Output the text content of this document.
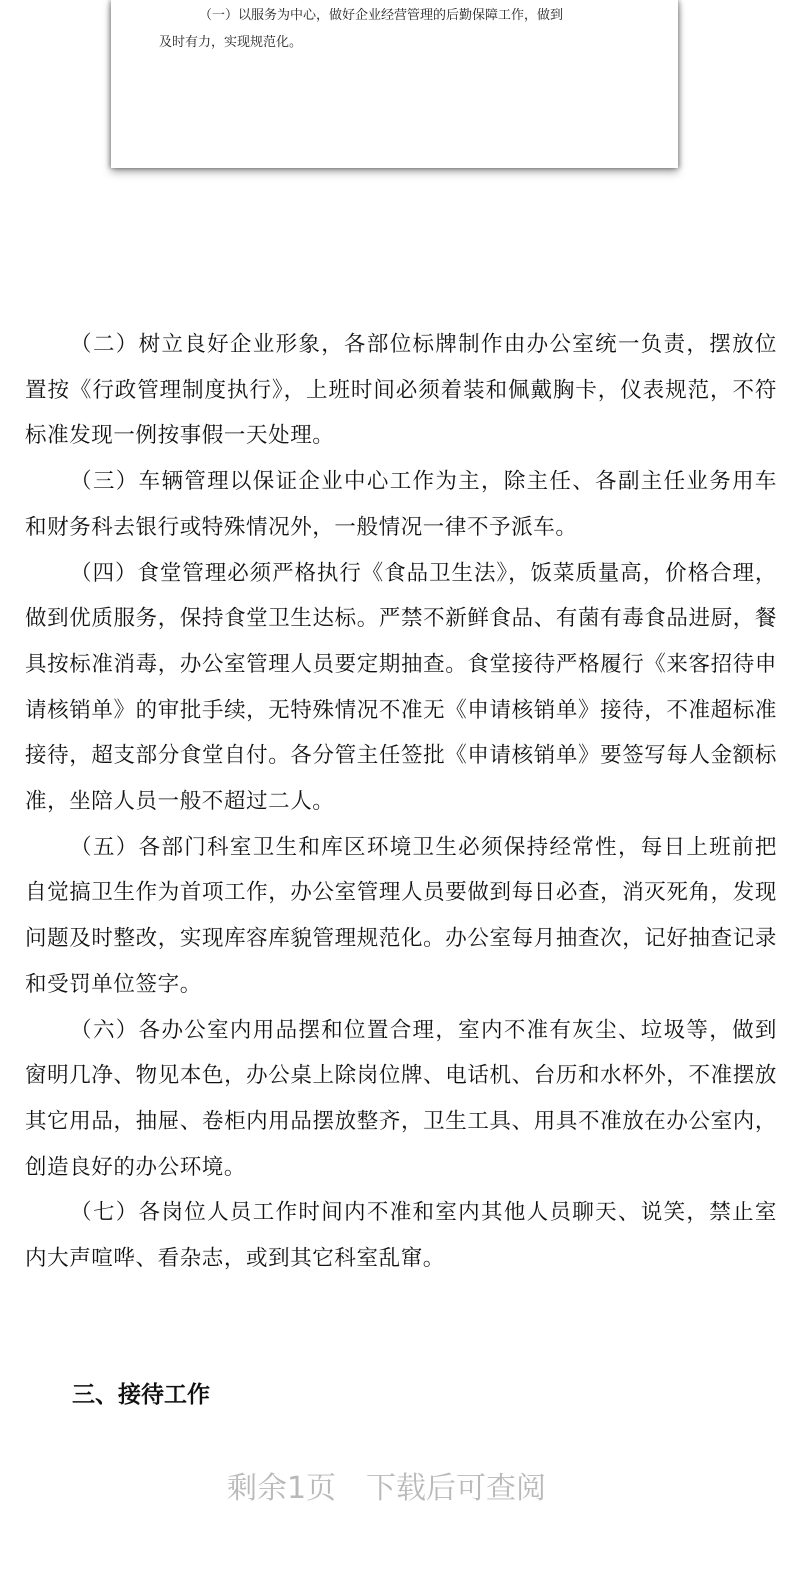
（一）以服务为中心，做好企业经营管理的后勤保障工作，做到

及时有力，实现规范化。

（二）树立良好企业形象，各部位标牌制作由办公室统一负责，摆放位置按《行政管理制度执行》，上班时间必须着装和佩戴胸卡，仪表规范，不符标准发现一例按事假一天处理。

（三）车辆管理以保证企业中心工作为主，除主任、各副主任业务用车和财务科去银行或特殊情况外，一般情况一律不予派车。

（四）食堂管理必须严格执行《食品卫生法》，饭菜质量高，价格合理，做到优质服务，保持食堂卫生达标。严禁不新鲜食品、有菌有毒食品进厨，餐具按标准消毒，办公室管理人员要定期抽查。食堂接待严格履行《来客招待申请核销单》的审批手续，无特殊情况不准无《申请核销单》接待，不准超标准接待，超支部分食堂自付。各分管主任签批《申请核销单》要签写每人金额标准，坐陪人员一般不超过二人。

（五）各部门科室卫生和库区环境卫生必须保持经常性，每日上班前把自觉搞卫生作为首项工作，办公室管理人员要做到每日必查，消灭死角，发现问题及时整改，实现库容库貌管理规范化。办公室每月抽查次，记好抽查记录和受罚单位签字。

（六）各办公室内用品摆和位置合理，室内不准有灰尘、垃圾等，做到窗明几净、物见本色，办公桌上除岗位牌、电话机、台历和水杯外，不准摆放其它用品，抽屉、卷柜内用品摆放整齐，卫生工具、用具不准放在办公室内，创造良好的办公环境。

（七）各岗位人员工作时间内不准和室内其他人员聊天、说笑，禁止室内大声喧哗、看杂志，或到其它科室乱窜。

三、接待工作
剩余1页　下载后可查阅
